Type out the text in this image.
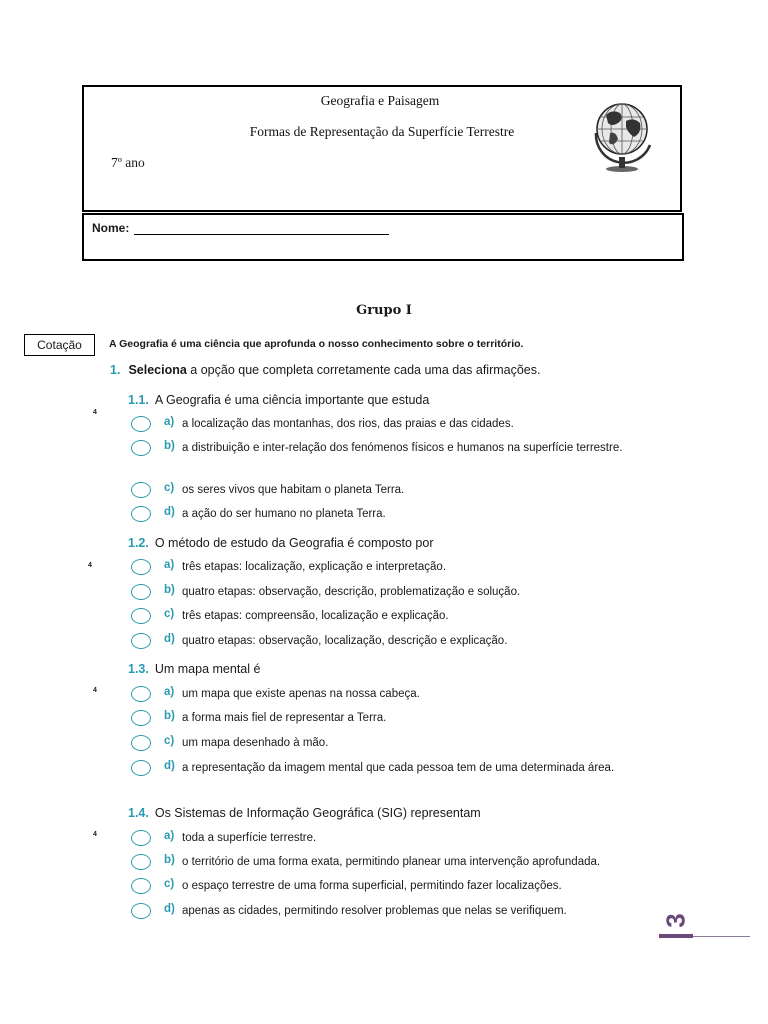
Geografia e Paisagem
Formas de Representação da Superfície Terrestre
7º ano
Nome:
Grupo I
Cotação	A Geografia é uma ciência que aprofunda o nosso conhecimento sobre o território.
1. Seleciona a opção que completa corretamente cada uma das afirmações.
1.1. A Geografia é uma ciência importante que estuda
4
a) a localização das montanhas, dos rios, das praias e das cidades.
b) a distribuição e inter-relação dos fenómenos físicos e humanos na superfície terrestre.
c) os seres vivos que habitam o planeta Terra.
d) a ação do ser humano no planeta Terra.
1.2. O método de estudo da Geografia é composto por
4	a) três etapas: localização, explicação e interpretação.
b) quatro etapas: observação, descrição, problematização e solução.
c) três etapas: compreensão, localização e explicação.
d) quatro etapas: observação, localização, descrição e explicação.
1.3. Um mapa mental é
4	a) um mapa que existe apenas na nossa cabeça.
b) a forma mais fiel de representar a Terra.
c) um mapa desenhado à mão.
d) a representação da imagem mental que cada pessoa tem de uma determinada área.
1.4. Os Sistemas de Informação Geográfica (SIG) representam
4	a) toda a superfície terrestre.
b) o território de uma forma exata, permitindo planear uma intervenção aprofundada.
c) o espaço terrestre de uma forma superficial, permitindo fazer localizações.
d) apenas as cidades, permitindo resolver problemas que nelas se verifiquem.
3
